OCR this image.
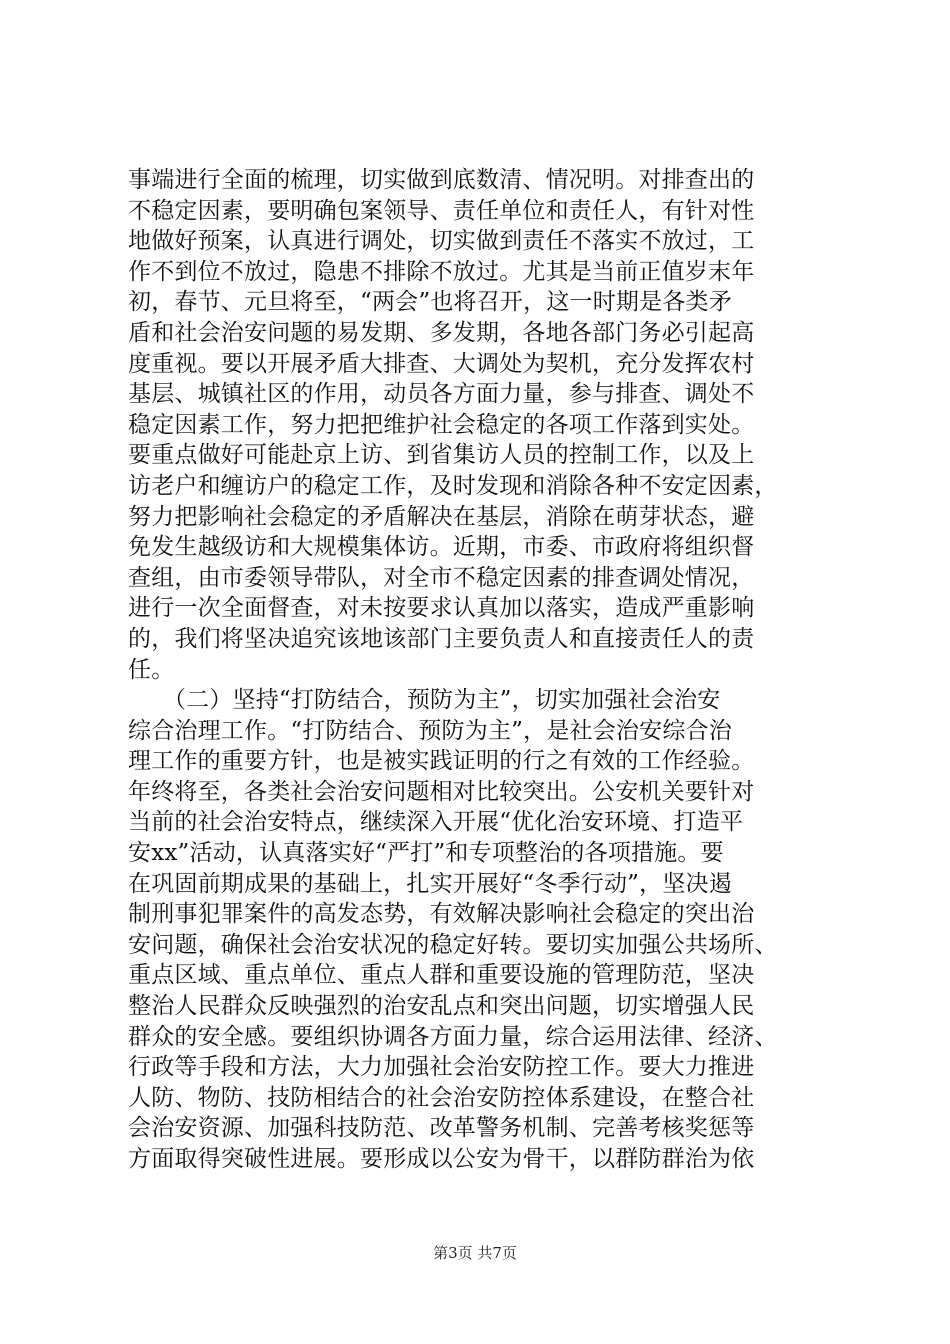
事端进行全面的梳理，切实做到底数清、情况明。对排查出的
不稳定因素，要明确包案领导、责任单位和责任人，有针对性
地做好预案，认真进行调处，切实做到责任不落实不放过，工
作不到位不放过，隐患不排除不放过。尤其是当前正值岁末年
初，春节、元旦将至，“两会”也将召开，这一时期是各类矛
盾和社会治安问题的易发期、多发期，各地各部门务必引起高
度重视。要以开展矛盾大排查、大调处为契机，充分发挥农村
基层、城镇社区的作用，动员各方面力量，参与排查、调处不
稳定因素工作，努力把把维护社会稳定的各项工作落到实处。
要重点做好可能赴京上访、到省集访人员的控制工作，以及上
访老户和缠访户的稳定工作，及时发现和消除各种不安定因素，
努力把影响社会稳定的矛盾解决在基层，消除在萌芽状态，避
免发生越级访和大规模集体访。近期，市委、市政府将组织督
查组，由市委领导带队，对全市不稳定因素的排查调处情况，
进行一次全面督查，对未按要求认真加以落实，造成严重影响
的，我们将坚决追究该地该部门主要负责人和直接责任人的责
任。
　　（二）坚持“打防结合，预防为主”，切实加强社会治安
综合治理工作。“打防结合、预防为主”，是社会治安综合治
理工作的重要方针，也是被实践证明的行之有效的工作经验。
年终将至，各类社会治安问题相对比较突出。公安机关要针对
当前的社会治安特点，继续深入开展“优化治安环境、打造平
安xx”活动，认真落实好“严打”和专项整治的各项措施。要
在巩固前期成果的基础上，扎实开展好“冬季行动”，坚决遏
制刑事犯罪案件的高发态势，有效解决影响社会稳定的突出治
安问题，确保社会治安状况的稳定好转。要切实加强公共场所、
重点区域、重点单位、重点人群和重要设施的管理防范，坚决
整治人民群众反映强烈的治安乱点和突出问题，切实增强人民
群众的安全感。要组织协调各方面力量，综合运用法律、经济、
行政等手段和方法，大力加强社会治安防控工作。要大力推进
人防、物防、技防相结合的社会治安防控体系建设，在整合社
会治安资源、加强科技防范、改革警务机制、完善考核奖惩等
方面取得突破性进展。要形成以公安为骨干，以群防群治为依
第3页 共7页
